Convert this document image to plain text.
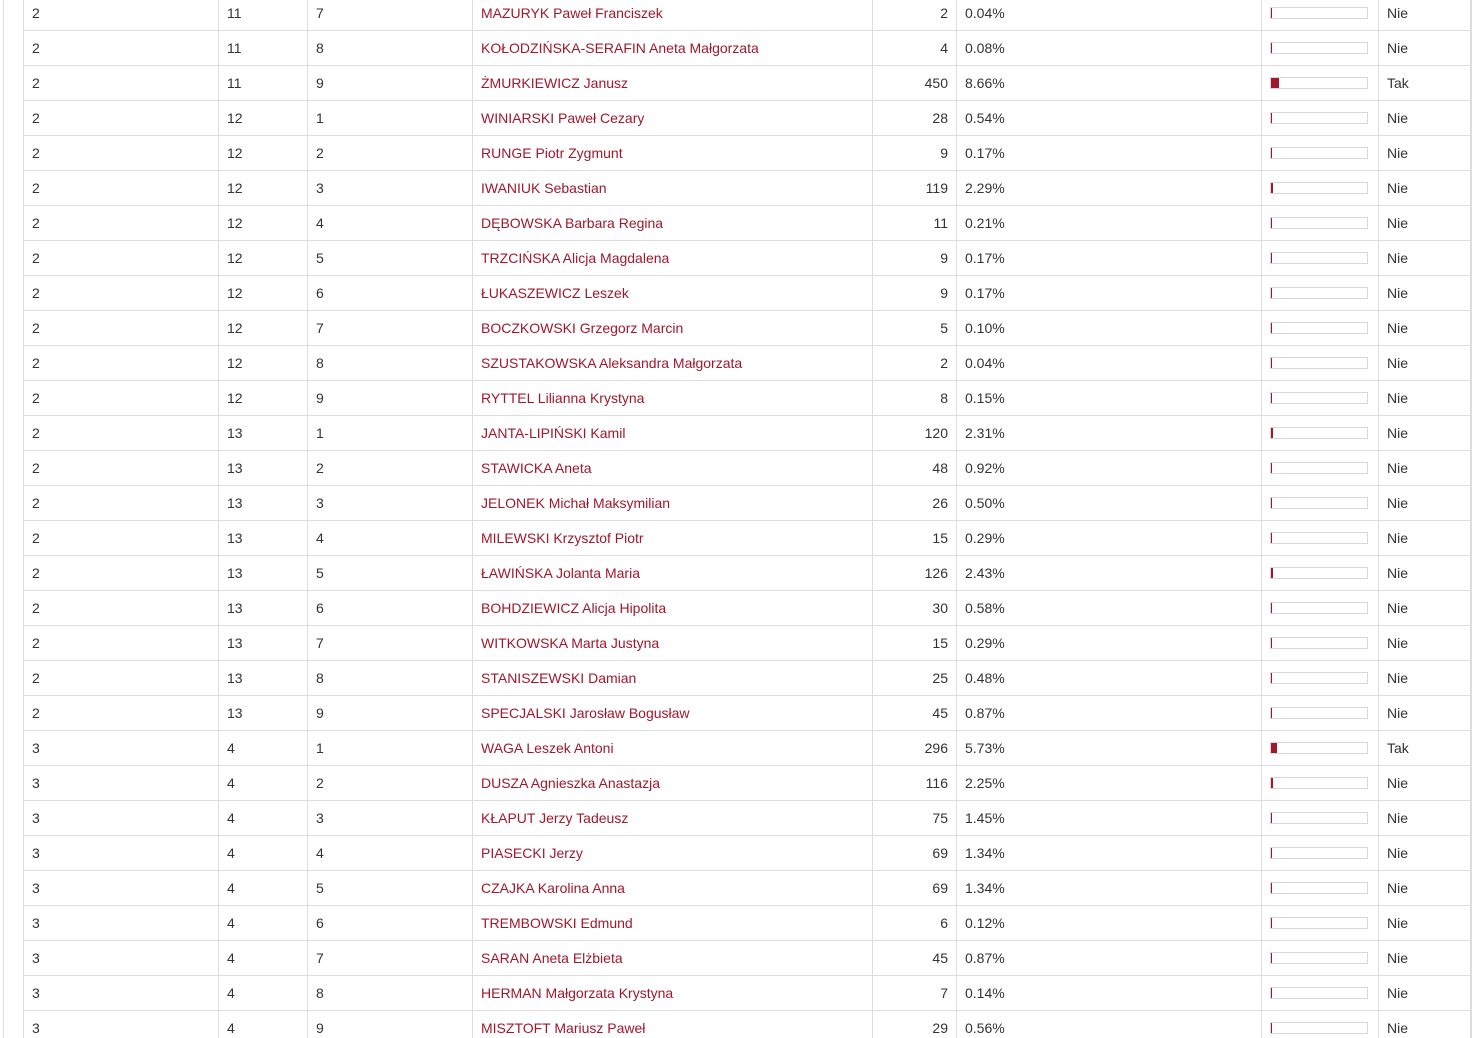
2	11	7	MAZURYK Paweł Franciszek	2	0.04%		Nie
2	11	8	KOŁODZIŃSKA-SERAFIN Aneta Małgorzata	4	0.08%		Nie
2	11	9	ŻMURKIEWICZ Janusz	450	8.66%		Tak
2	12	1	WINIARSKI Paweł Cezary	28	0.54%		Nie
2	12	2	RUNGE Piotr Zygmunt	9	0.17%		Nie
2	12	3	IWANIUK Sebastian	119	2.29%		Nie
2	12	4	DĘBOWSKA Barbara Regina	11	0.21%		Nie
2	12	5	TRZCIŃSKA Alicja Magdalena	9	0.17%		Nie
2	12	6	ŁUKASZEWICZ Leszek	9	0.17%		Nie
2	12	7	BOCZKOWSKI Grzegorz Marcin	5	0.10%		Nie
2	12	8	SZUSTAKOWSKA Aleksandra Małgorzata	2	0.04%		Nie
2	12	9	RYTTEL Lilianna Krystyna	8	0.15%		Nie
2	13	1	JANTA-LIPIŃSKI Kamil	120	2.31%		Nie
2	13	2	STAWICKA Aneta	48	0.92%		Nie
2	13	3	JELONEK Michał Maksymilian	26	0.50%		Nie
2	13	4	MILEWSKI Krzysztof Piotr	15	0.29%		Nie
2	13	5	ŁAWIŃSKA Jolanta Maria	126	2.43%		Nie
2	13	6	BOHDZIEWICZ Alicja Hipolita	30	0.58%		Nie
2	13	7	WITKOWSKA Marta Justyna	15	0.29%		Nie
2	13	8	STANISZEWSKI Damian	25	0.48%		Nie
2	13	9	SPECJALSKI Jarosław Bogusław	45	0.87%		Nie
3	4	1	WAGA Leszek Antoni	296	5.73%		Tak
3	4	2	DUSZA Agnieszka Anastazja	116	2.25%		Nie
3	4	3	KŁAPUT Jerzy Tadeusz	75	1.45%		Nie
3	4	4	PIASECKI Jerzy	69	1.34%		Nie
3	4	5	CZAJKA Karolina Anna	69	1.34%		Nie
3	4	6	TREMBOWSKI Edmund	6	0.12%		Nie
3	4	7	SARAN Aneta Elżbieta	45	0.87%		Nie
3	4	8	HERMAN Małgorzata Krystyna	7	0.14%		Nie
3	4	9	MISZTOFT Mariusz Paweł	29	0.56%		Nie
